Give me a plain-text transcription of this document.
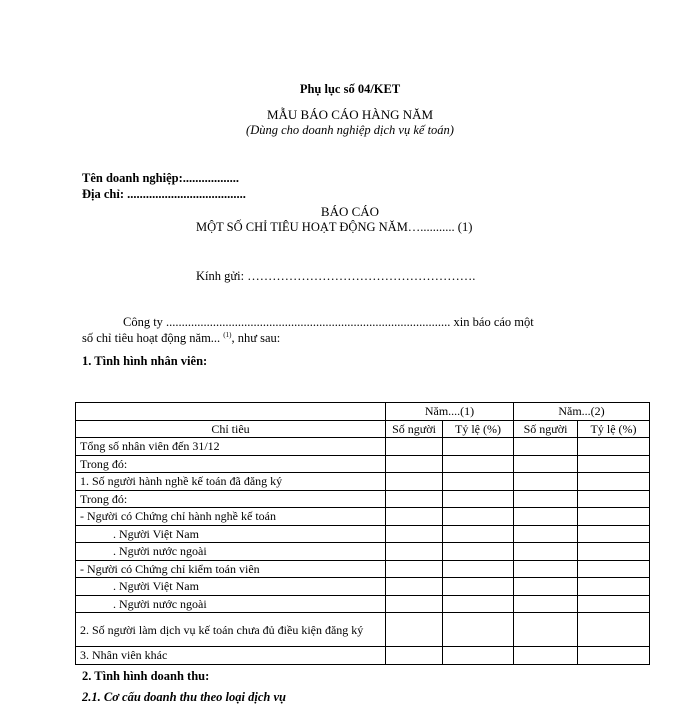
Phụ lục số 04/KET
MẪU BÁO CÁO HÀNG NĂM
(Dùng cho doanh nghiệp dịch vụ kế toán)
Tên doanh nghiệp:..................
Địa chỉ: ......................................
BÁO CÁO
MỘT SỐ CHỈ TIÊU HOẠT ĐỘNG NĂM…........... (1)
Kính gửi: ……………………………………………….
Công ty ........................................................................................... xin báo cáo một
số chỉ tiêu hoạt động năm... $^{(1)}$, như sau:
1. Tình hình nhân viên:
	Năm....(1)		Năm...(2)	
Chỉ tiêu	Số người	Tỷ lệ (%)	Số người	Tỷ lệ (%)
Tổng số nhân viên đến 31/12				
Trong đó:				
1. Số người hành nghề kế toán đã đăng ký				
Trong đó:				
- Người có Chứng chỉ hành nghề kế toán				
. Người Việt Nam				
. Người nước ngoài				
- Người có Chứng chỉ kiểm toán viên				
. Người Việt Nam				
. Người nước ngoài				
2. Số người làm dịch vụ kế toán chưa đủ điều kiện đăng ký				
3. Nhân viên khác				
2. Tình hình doanh thu:
2.1. Cơ cấu doanh thu theo loại dịch vụ
